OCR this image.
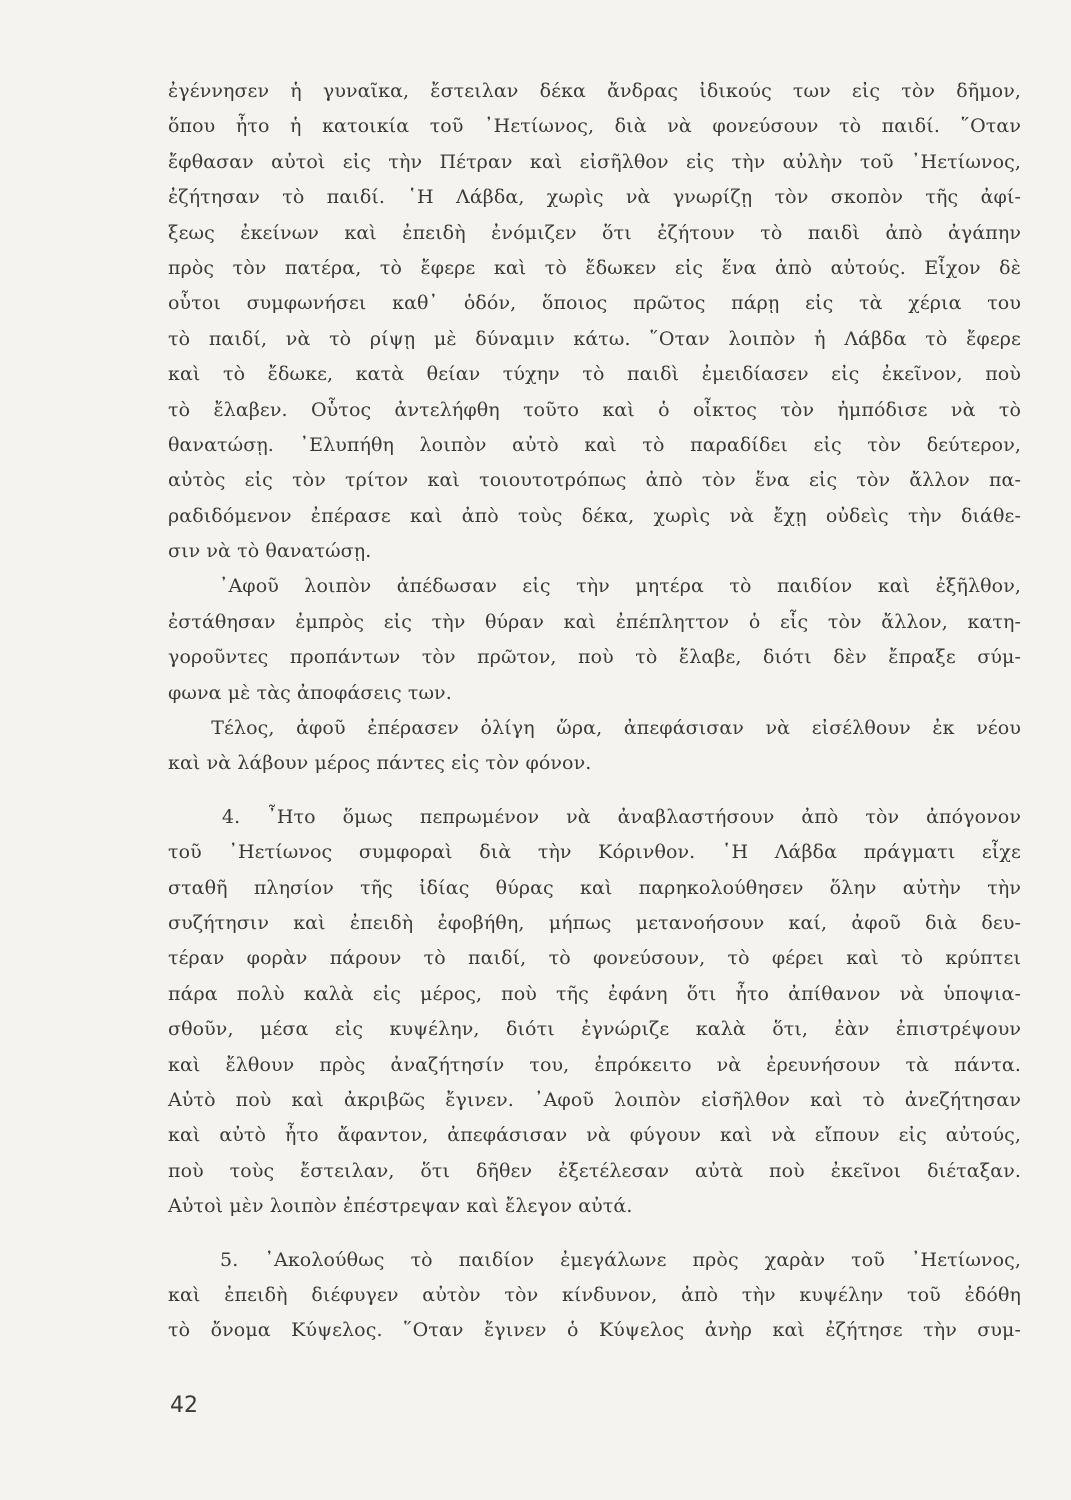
ἐγέννησεν ἡ γυναῖκα, ἔστειλαν δέκα ἄνδρας ἰδικούς των εἰς τὸν δῆμον,
ὅπου ἦτο ἡ κατοικία τοῦ ᾽Ηετίωνος, διὰ νὰ φονεύσουν τὸ παιδί. ῞Οταν
ἔφθασαν αὐτοὶ εἰς τὴν Πέτραν καὶ εἰσῆλθον εἰς τὴν αὐλὴν τοῦ ᾽Ηετίωνος,
ἐζήτησαν τὸ παιδί. ῾Η Λάβδα, χωρὶς νὰ γνωρίζῃ τὸν σκοπὸν τῆς ἀφί-
ξεως ἐκείνων καὶ ἐπειδὴ ἐνόμιζεν ὅτι ἐζήτουν τὸ παιδὶ ἀπὸ ἀγάπην
πρὸς τὸν πατέρα, τὸ ἔφερε καὶ τὸ ἔδωκεν εἰς ἕνα ἀπὸ αὐτούς. Εἶχον δὲ
οὗτοι συμφωνήσει καθ᾽ ὁδόν, ὅποιος πρῶτος πάρῃ εἰς τὰ χέρια του
τὸ παιδί, νὰ τὸ ρίψῃ μὲ δύναμιν κάτω. ῞Οταν λοιπὸν ἡ Λάβδα τὸ ἔφερε
καὶ τὸ ἔδωκε, κατὰ θείαν τύχην τὸ παιδὶ ἐμειδίασεν εἰς ἐκεῖνον, ποὺ
τὸ ἔλαβεν. Οὗτος ἀντελήφθη τοῦτο καὶ ὁ οἶκτος τὸν ἠμπόδισε νὰ τὸ
θανατώσῃ. ᾽Ελυπήθη λοιπὸν αὐτὸ καὶ τὸ παραδίδει εἰς τὸν δεύτερον,
αὐτὸς εἰς τὸν τρίτον καὶ τοιουτοτρόπως ἀπὸ τὸν ἕνα εἰς τὸν ἄλλον πα-
ραδιδόμενον ἐπέρασε καὶ ἀπὸ τοὺς δέκα, χωρὶς νὰ ἔχῃ οὐδεὶς τὴν διάθε-
σιν νὰ τὸ θανατώσῃ.
᾽Αφοῦ λοιπὸν ἀπέδωσαν εἰς τὴν μητέρα τὸ παιδίον καὶ ἐξῆλθον,
ἐστάθησαν ἐμπρὸς εἰς τὴν θύραν καὶ ἐπέπληττον ὁ εἷς τὸν ἄλλον, κατη-
γοροῦντες προπάντων τὸν πρῶτον, ποὺ τὸ ἔλαβε, διότι δὲν ἔπραξε σύμ-
φωνα μὲ τὰς ἀποφάσεις των.
Τέλος, ἀφοῦ ἐπέρασεν ὀλίγη ὥρα, ἀπεφάσισαν νὰ εἰσέλθουν ἐκ νέου
καὶ νὰ λάβουν μέρος πάντες εἰς τὸν φόνον.
4. ῏Ητο ὅμως πεπρωμένον νὰ ἀναβλαστήσουν ἀπὸ τὸν ἀπόγονον
τοῦ ᾽Ηετίωνος συμφοραὶ διὰ τὴν Κόρινθον. ῾Η Λάβδα πράγματι εἶχε
σταθῆ πλησίον τῆς ἰδίας θύρας καὶ παρηκολούθησεν ὅλην αὐτὴν τὴν
συζήτησιν καὶ ἐπειδὴ ἐφοβήθη, μήπως μετανοήσουν καί, ἀφοῦ διὰ δευ-
τέραν φορὰν πάρουν τὸ παιδί, τὸ φονεύσουν, τὸ φέρει καὶ τὸ κρύπτει
πάρα πολὺ καλὰ εἰς μέρος, ποὺ τῆς ἐφάνη ὅτι ἦτο ἀπίθανον νὰ ὑποψια-
σθοῦν, μέσα εἰς κυψέλην, διότι ἐγνώριζε καλὰ ὅτι, ἐὰν ἐπιστρέψουν
καὶ ἔλθουν πρὸς ἀναζήτησίν του, ἐπρόκειτο νὰ ἐρευνήσουν τὰ πάντα.
Αὐτὸ ποὺ καὶ ἀκριβῶς ἔγινεν. ᾽Αφοῦ λοιπὸν εἰσῆλθον καὶ τὸ ἀνεζήτησαν
καὶ αὐτὸ ἦτο ἄφαντον, ἀπεφάσισαν νὰ φύγουν καὶ νὰ εἴπουν εἰς αὐτούς,
ποὺ τοὺς ἔστειλαν, ὅτι δῆθεν ἐξετέλεσαν αὐτὰ ποὺ ἐκεῖνοι διέταξαν.
Αὐτοὶ μὲν λοιπὸν ἐπέστρεψαν καὶ ἔλεγον αὐτά.
5. ᾽Ακολούθως τὸ παιδίον ἐμεγάλωνε πρὸς χαρὰν τοῦ ᾽Ηετίωνος,
καὶ ἐπειδὴ διέφυγεν αὐτὸν τὸν κίνδυνον, ἀπὸ τὴν κυψέλην τοῦ ἐδόθη
τὸ ὄνομα Κύψελος. ῞Οταν ἔγινεν ὁ Κύψελος ἀνὴρ καὶ ἐζήτησε τὴν συμ-
42
